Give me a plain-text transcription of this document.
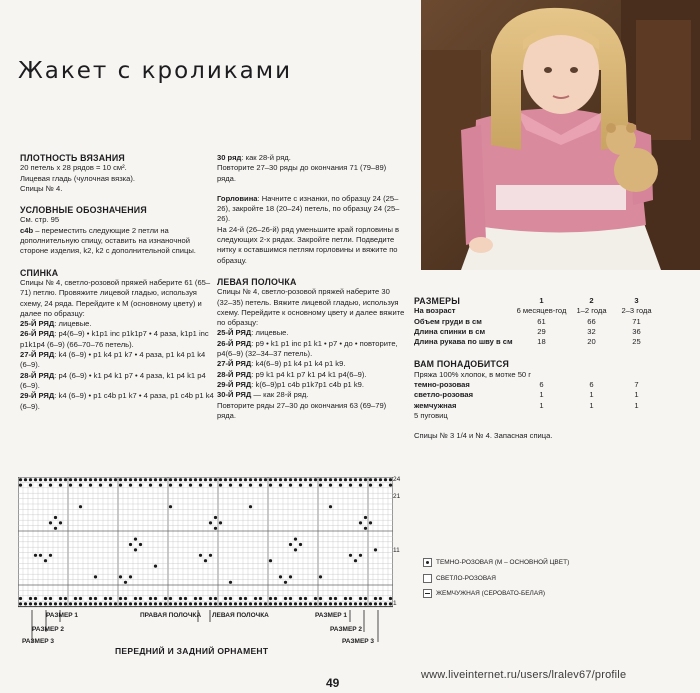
Жакет с кроликами

ПЛОТНОСТЬ ВЯЗАНИЯ

20 петель х 28 рядов = 10 см².

Лицевая гладь (чулочная вязка).

Спицы № 4.

УСЛОВНЫЕ ОБОЗНАЧЕНИЯ

См. стр. 95

c4b – переместить следующие 2 петли на дополнительную спицу, оставить на изнаночной стороне изделия, k2, k2 с дополнительной спицы.

СПИНКА

Спицы № 4, светло-розовой пряжей наберите 61 (65–71) петлю. Провяжите лицевой гладью, используя схему, 24 ряда. Перейдите к М (основному цвету) и далее по образцу:

25-Й РЯД: лицевые.

26-Й РЯД: p4(6–9) • k1p1 inc p1k1p7 • 4 раза, k1p1 inc p1k1p4 (6–9) (66–70–76 петель).

27-Й РЯД: k4 (6–9) • p1 k4 p1 k7 • 4 раза, p1 k4 p1 k4 (6–9).

28-Й РЯД: p4 (6–9) • k1 p4 k1 p7 • 4 раза, k1 p4 k1 p4 (6–9).

29-Й РЯД: k4 (6–9) • p1 c4b p1 k7 • 4 раза, p1 c4b p1 k4 (6–9).

30 ряд: как 28-й ряд.

Повторите 27–30 ряды до окончания 71 (79–89) ряда.

Горловина: Начните с изнанки, по образцу 24 (25–26), закройте 18 (20–24) петель, по образцу 24 (25–26).

На 24-й (26–26-й) ряд уменьшите край горловины в следующих 2-х рядах. Закройте петли. Подведите нитку к оставшимся петлям горловины и вяжите по образцу.

ЛЕВАЯ ПОЛОЧКА

Спицы № 4, светло-розовой пряжей наберите 30 (32–35) петель. Вяжите лицевой гладью, используя схему. Перейдите к основному цвету и далее вяжите по образцу:

25-Й РЯД: лицевые.

26-Й РЯД: p9 • k1 p1 inc p1 k1 • p7 • до • повторите, p4(6–9) (32–34–37 петель).

27-Й РЯД: k4(6–9) p1 k4 p1 k4 p1 k9.

28-Й РЯД: p9 k1 p4 k1 p7 k1 p4 k1 p4(6–9).

29-Й РЯД: k(6–9)p1 c4b p1k7p1 c4b p1 k9.

30-Й РЯД — как 28-й ряд.

Повторите ряды 27–30 до окончания 63 (69–79) ряда.

РАЗМЕРЫ	1	2	3
На возраст	6 месяцев-год	1–2 года	2–3 года
Объем груди в см	61	66	71
Длина спинки в см	29	32	36
Длина рукава по шву в см	18	20	25

ВАМ ПОНАДОБИТСЯ

Пряжа 100% хлопок, в мотке 50 г

темно-розовая	6	6	7
светло-розовая	1	1	1
жемчужная	1	1	1

5 пуговиц

Спицы № 3 1/4 и № 4. Запасная спица.

24
21
11
1
РАЗМЕР 1
РАЗМЕР 2
РАЗМЕР 3
ПРАВАЯ ПОЛОЧКА ЛЕВАЯ ПОЛОЧКА	РАЗМЕР 1
РАЗМЕР 2
РАЗМЕР 3
ПЕРЕДНИЙ И ЗАДНИЙ ОРНАМЕНТ
ТЕМНО-РОЗОВАЯ (М – ОСНОВНОЙ ЦВЕТ)
СВЕТЛО-РОЗОВАЯ
ЖЕМЧУЖНАЯ (СЕРОВАТО-БЕЛАЯ)
49
www.liveinternet.ru/users/lralev67/profile
